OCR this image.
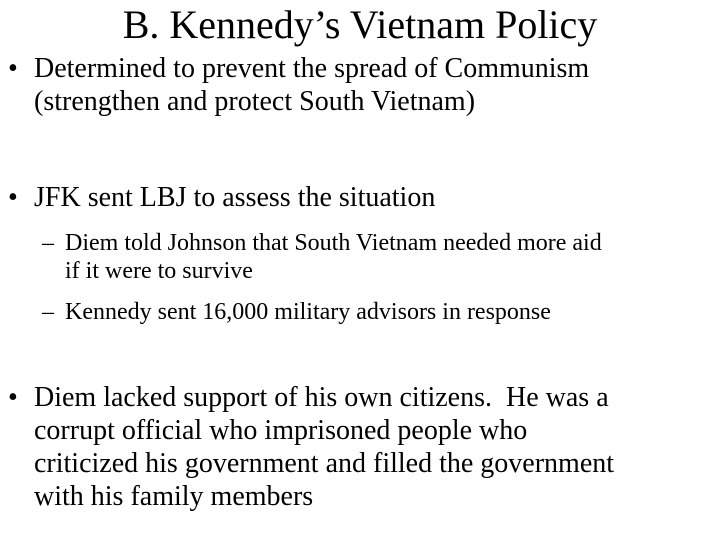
B. Kennedy’s Vietnam Policy
• Determined to prevent the spread of Communism
(strengthen and protect South Vietnam)
• JFK sent LBJ to assess the situation
– Diem told Johnson that South Vietnam needed more aid
if it were to survive
– Kennedy sent 16,000 military advisors in response
• Diem lacked support of his own citizens.  He was a
corrupt official who imprisoned people who
criticized his government and filled the government
with his family members
